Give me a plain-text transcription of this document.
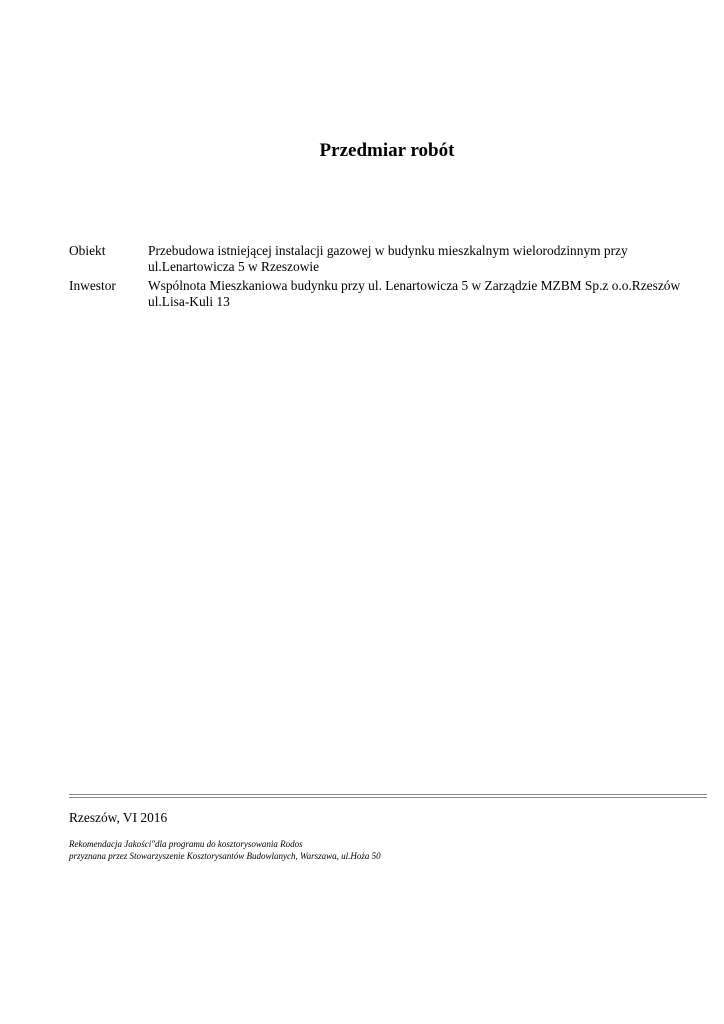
Przedmiar robót
Obiekt	Przebudowa istniejącej instalacji gazowej w budynku mieszkalnym wielorodzinnym przy
ul.Lenartowicza 5 w Rzeszowie
Inwestor Wspólnota Mieszkaniowa budynku przy ul. Lenartowicza 5 w Zarządzie MZBM Sp.z o.o.Rzeszów
ul.Lisa-Kuli 13
Rzeszów, VI 2016
Rekomendacja Jakości"dla programu do kosztorysowania Rodos
przyznana przez Stowarzyszenie Kosztorysantów Budowlanych, Warszawa, ul.Hoża 50
